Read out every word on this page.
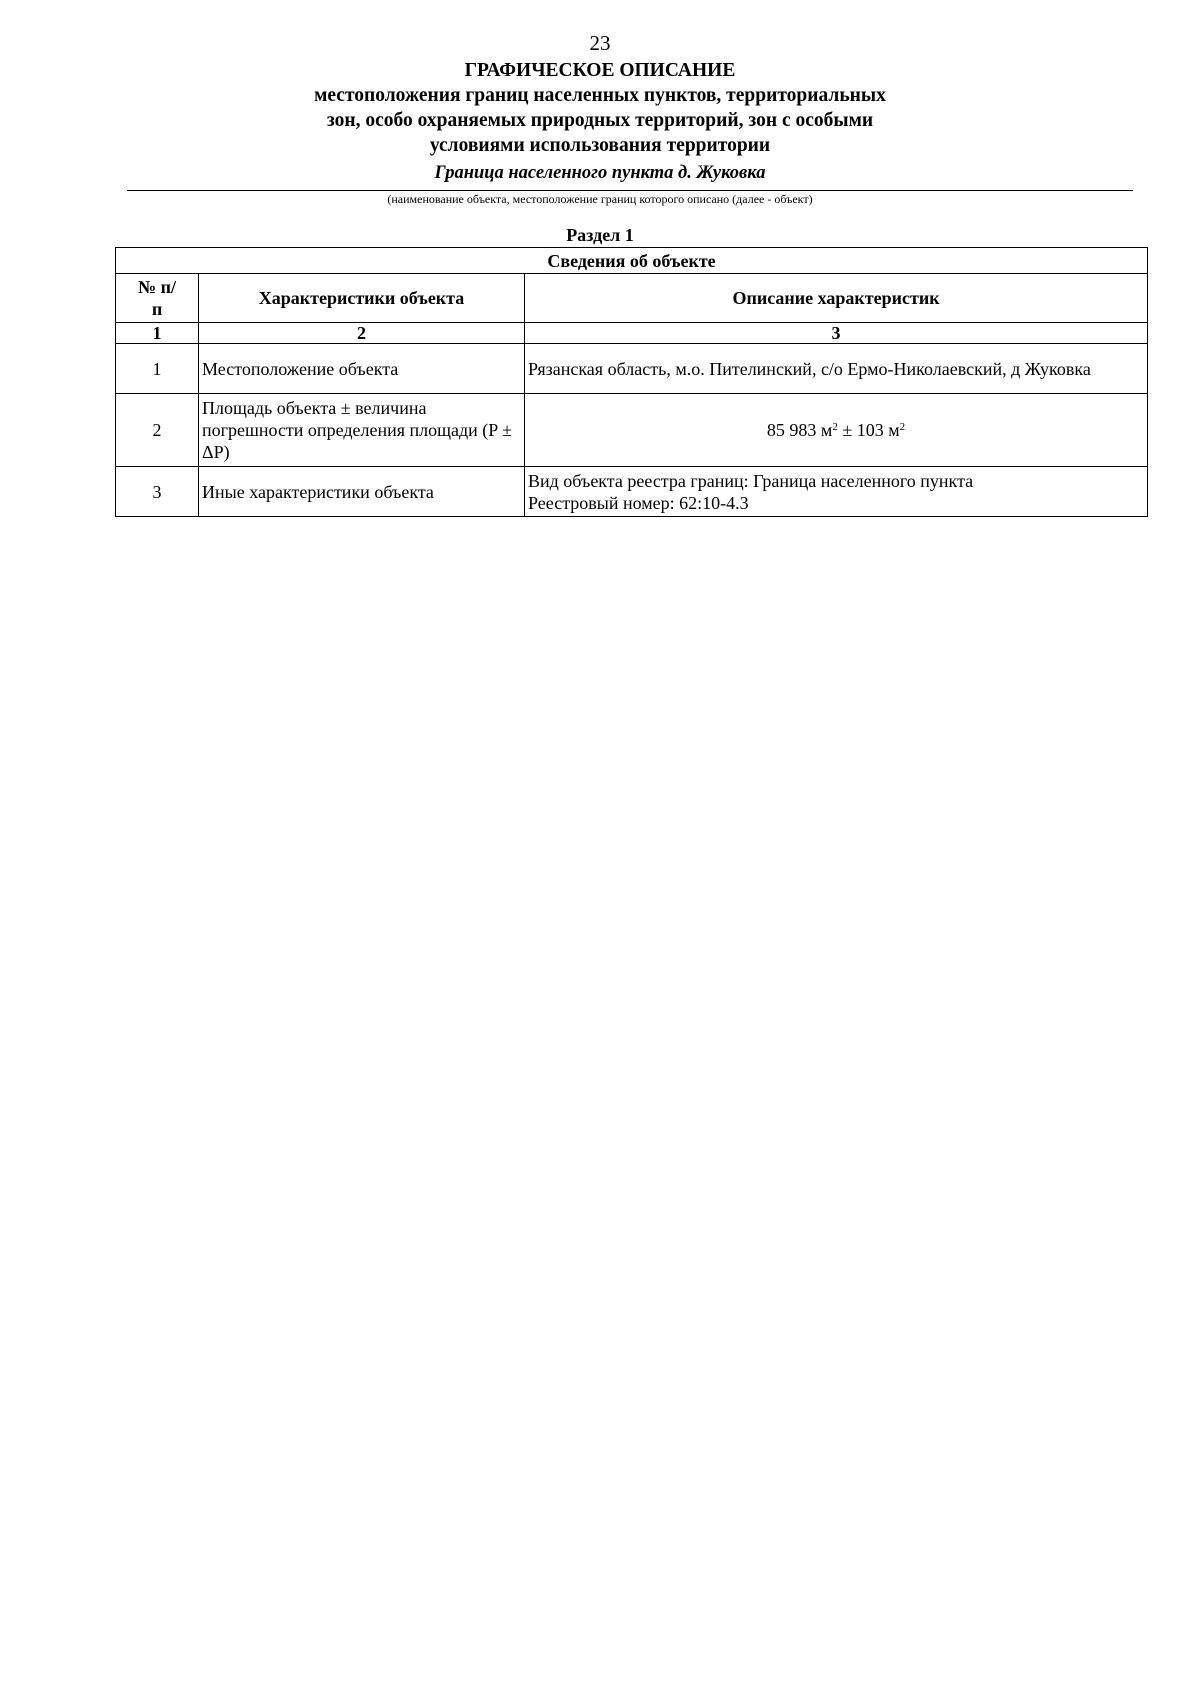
23
ГРАФИЧЕСКОЕ ОПИСАНИЕ
местоположения границ населенных пунктов, территориальных
зон, особо охраняемых природных территорий, зон с особыми
условиями использования территории
Граница населенного пункта д. Жуковка
(наименование объекта, местоположение границ которого описано (далее - объект)
Раздел 1
Сведения об объекте		
№ п/п	Характеристики объекта	Описание характеристик
1	2	3
1	Местоположение объекта	Рязанская область, м.о. Пителинский, с/о Ермо-Николаевский, д Жуковка
2	Площадь объекта ± величина погрешности определения площади (P ± ΔP)	85 983 $м^2 \pm 103$ $м^2$
3	Иные характеристики объекта	Вид объекта реестра границ: Граница населенного пункта
Реестровый номер: 62:10-4.3
